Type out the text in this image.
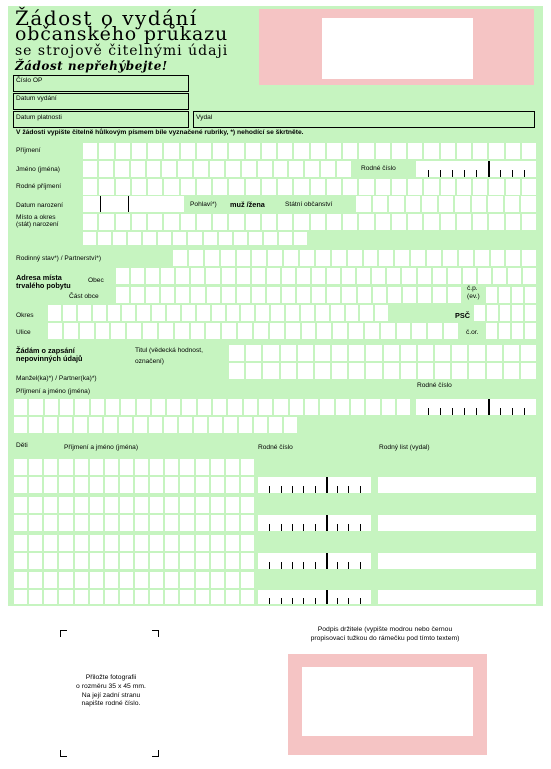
Žádost o vydání
občanského průkazu
se strojově čitelnými údaji
Žádost nepřehýbejte!
Číslo OP
Datum vydání
Datum platnosti	Vydal
V žádosti vypište čitelně hůlkovým písmem bíle vyznačené rubriky, *) nehodící se škrtněte.
Příjmení
Jméno (jména)	Rodné číslo
Rodné příjmení
Datum narození	Pohlaví*) muž /žena	Státní občanství
Místo a okres
(stát) narození
Rodinný stav*) / Partnerství*)
Adresa místa
trvalého pobytu
Obec
Část obce
č.p.
(ev.)
Okres	PSČ
Ulice	č.or.
Žádám o zapsání
nepovinných údajů
Titul (vědecká hodnost,
označení)
Manžel(ka)*) / Partner(ka)*)
Příjmení a jméno (jména)
Rodné číslo
Děti	Příjmení a jméno (jména)	Rodné číslo	Rodný list (vydal)
Přiložte fotografii
o rozměru 35 x 45 mm.
Na její zadní stranu
napište rodné číslo.
Podpis držitele (vypište modrou nebo černou
propisovací tužkou do rámečku pod tímto textem)
